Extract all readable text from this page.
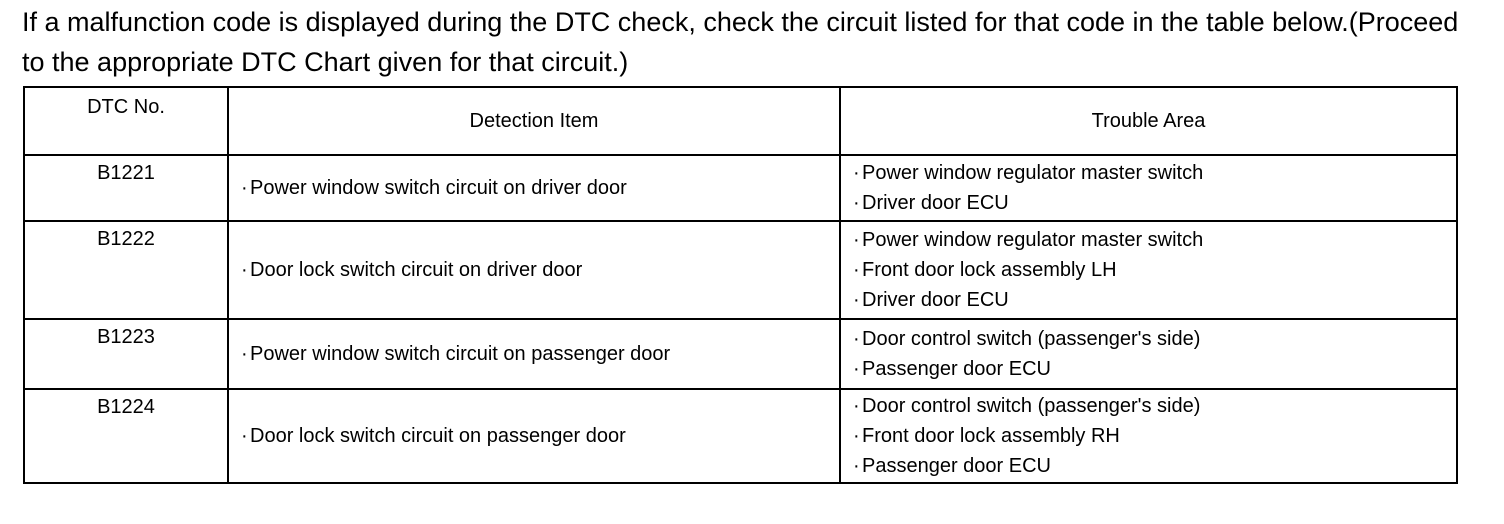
If a malfunction code is displayed during the DTC check, check the circuit listed for that code in the table below.(Proceed to the appropriate DTC Chart given for that circuit.)

DTC No.	Detection Item	Trouble Area
B1221	· Power window switch circuit on driver door	· Power window regulator master switch
· Driver door ECU

B1222	· Door lock switch circuit on driver door	· Power window regulator master switch
· Front door lock assembly LH
· Driver door ECU

B1223	· Power window switch circuit on passenger door	· Door control switch (passenger's side)
· Passenger door ECU

B1224	· Door lock switch circuit on passenger door	· Door control switch (passenger's side)
· Front door lock assembly RH
· Passenger door ECU
